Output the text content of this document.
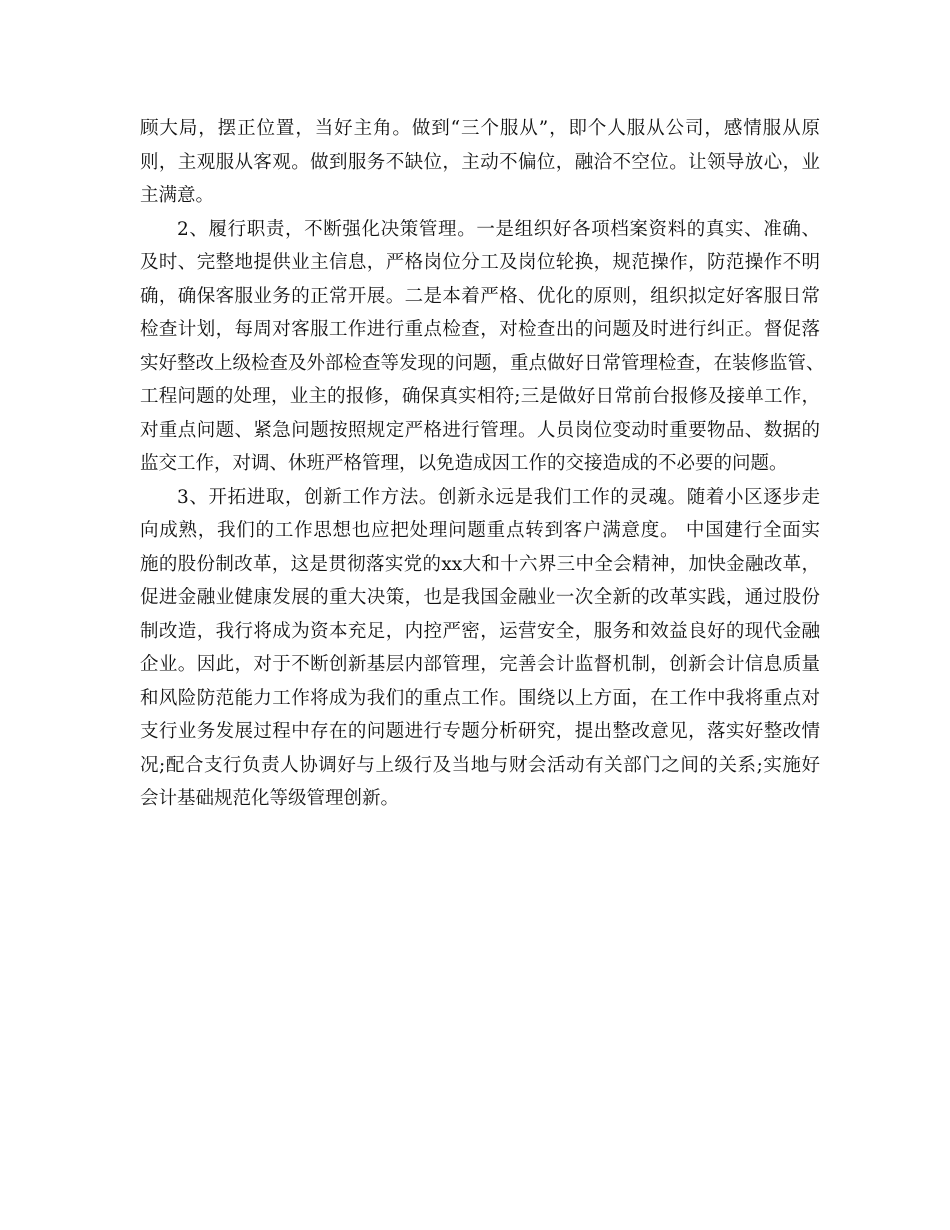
顾大局，摆正位置，当好主角。做到“三个服从”，即个人服从公司，感情服从原
则，主观服从客观。做到服务不缺位，主动不偏位，融洽不空位。让领导放心，业
主满意。
2、履行职责，不断强化决策管理。一是组织好各项档案资料的真实、准确、
及时、完整地提供业主信息，严格岗位分工及岗位轮换，规范操作，防范操作不明
确，确保客服业务的正常开展。二是本着严格、优化的原则，组织拟定好客服日常
检查计划，每周对客服工作进行重点检查，对检查出的问题及时进行纠正。督促落
实好整改上级检查及外部检查等发现的问题，重点做好日常管理检查，在装修监管、
工程问题的处理，业主的报修，确保真实相符;三是做好日常前台报修及接单工作，
对重点问题、紧急问题按照规定严格进行管理。人员岗位变动时重要物品、数据的
监交工作，对调、休班严格管理，以免造成因工作的交接造成的不必要的问题。
3、开拓进取，创新工作方法。创新永远是我们工作的灵魂。随着小区逐步走
向成熟，我们的工作思想也应把处理问题重点转到客户满意度。 中国建行全面实
施的股份制改革，这是贯彻落实党的xx大和十六界三中全会精神，加快金融改革，
促进金融业健康发展的重大决策，也是我国金融业一次全新的改革实践，通过股份
制改造，我行将成为资本充足，内控严密，运营安全，服务和效益良好的现代金融
企业。因此，对于不断创新基层内部管理，完善会计监督机制，创新会计信息质量
和风险防范能力工作将成为我们的重点工作。围绕以上方面，在工作中我将重点对
支行业务发展过程中存在的问题进行专题分析研究，提出整改意见，落实好整改情
况;配合支行负责人协调好与上级行及当地与财会活动有关部门之间的关系;实施好
会计基础规范化等级管理创新。
